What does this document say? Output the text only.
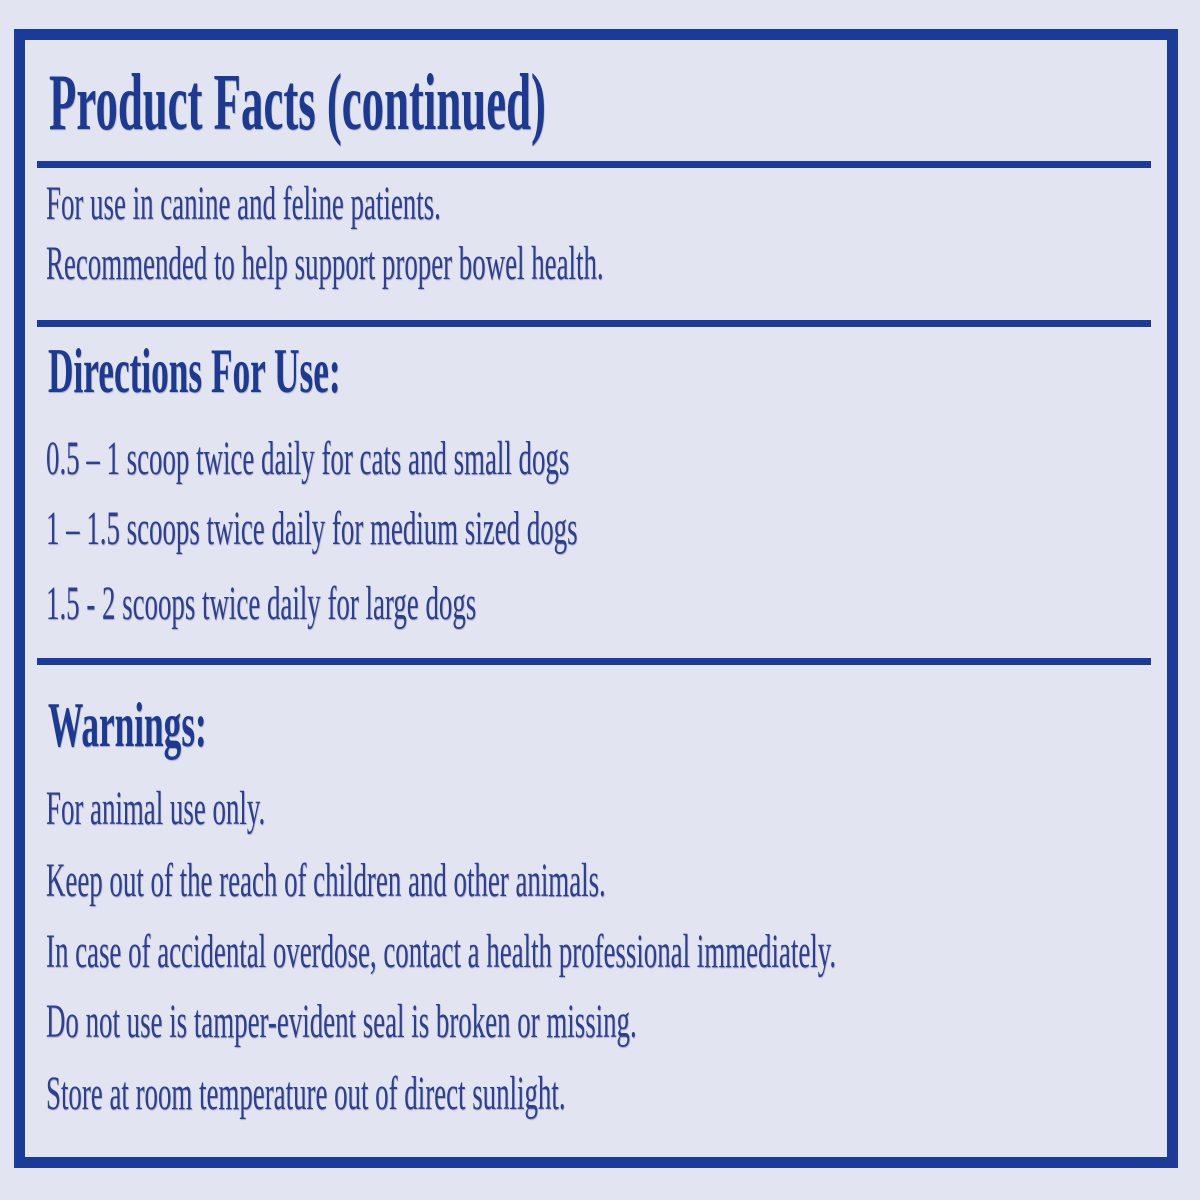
Product Facts (continued)
For use in canine and feline patients.
Recommended to help support proper bowel health.
Directions For Use:
0.5 – 1 scoop twice daily for cats and small dogs
1 – 1.5 scoops twice daily for medium sized dogs
1.5 - 2 scoops twice daily for large dogs
Warnings:
For animal use only.
Keep out of the reach of children and other animals.
In case of accidental overdose, contact a health professional immediately.
Do not use is tamper-evident seal is broken or missing.
Store at room temperature out of direct sunlight.
